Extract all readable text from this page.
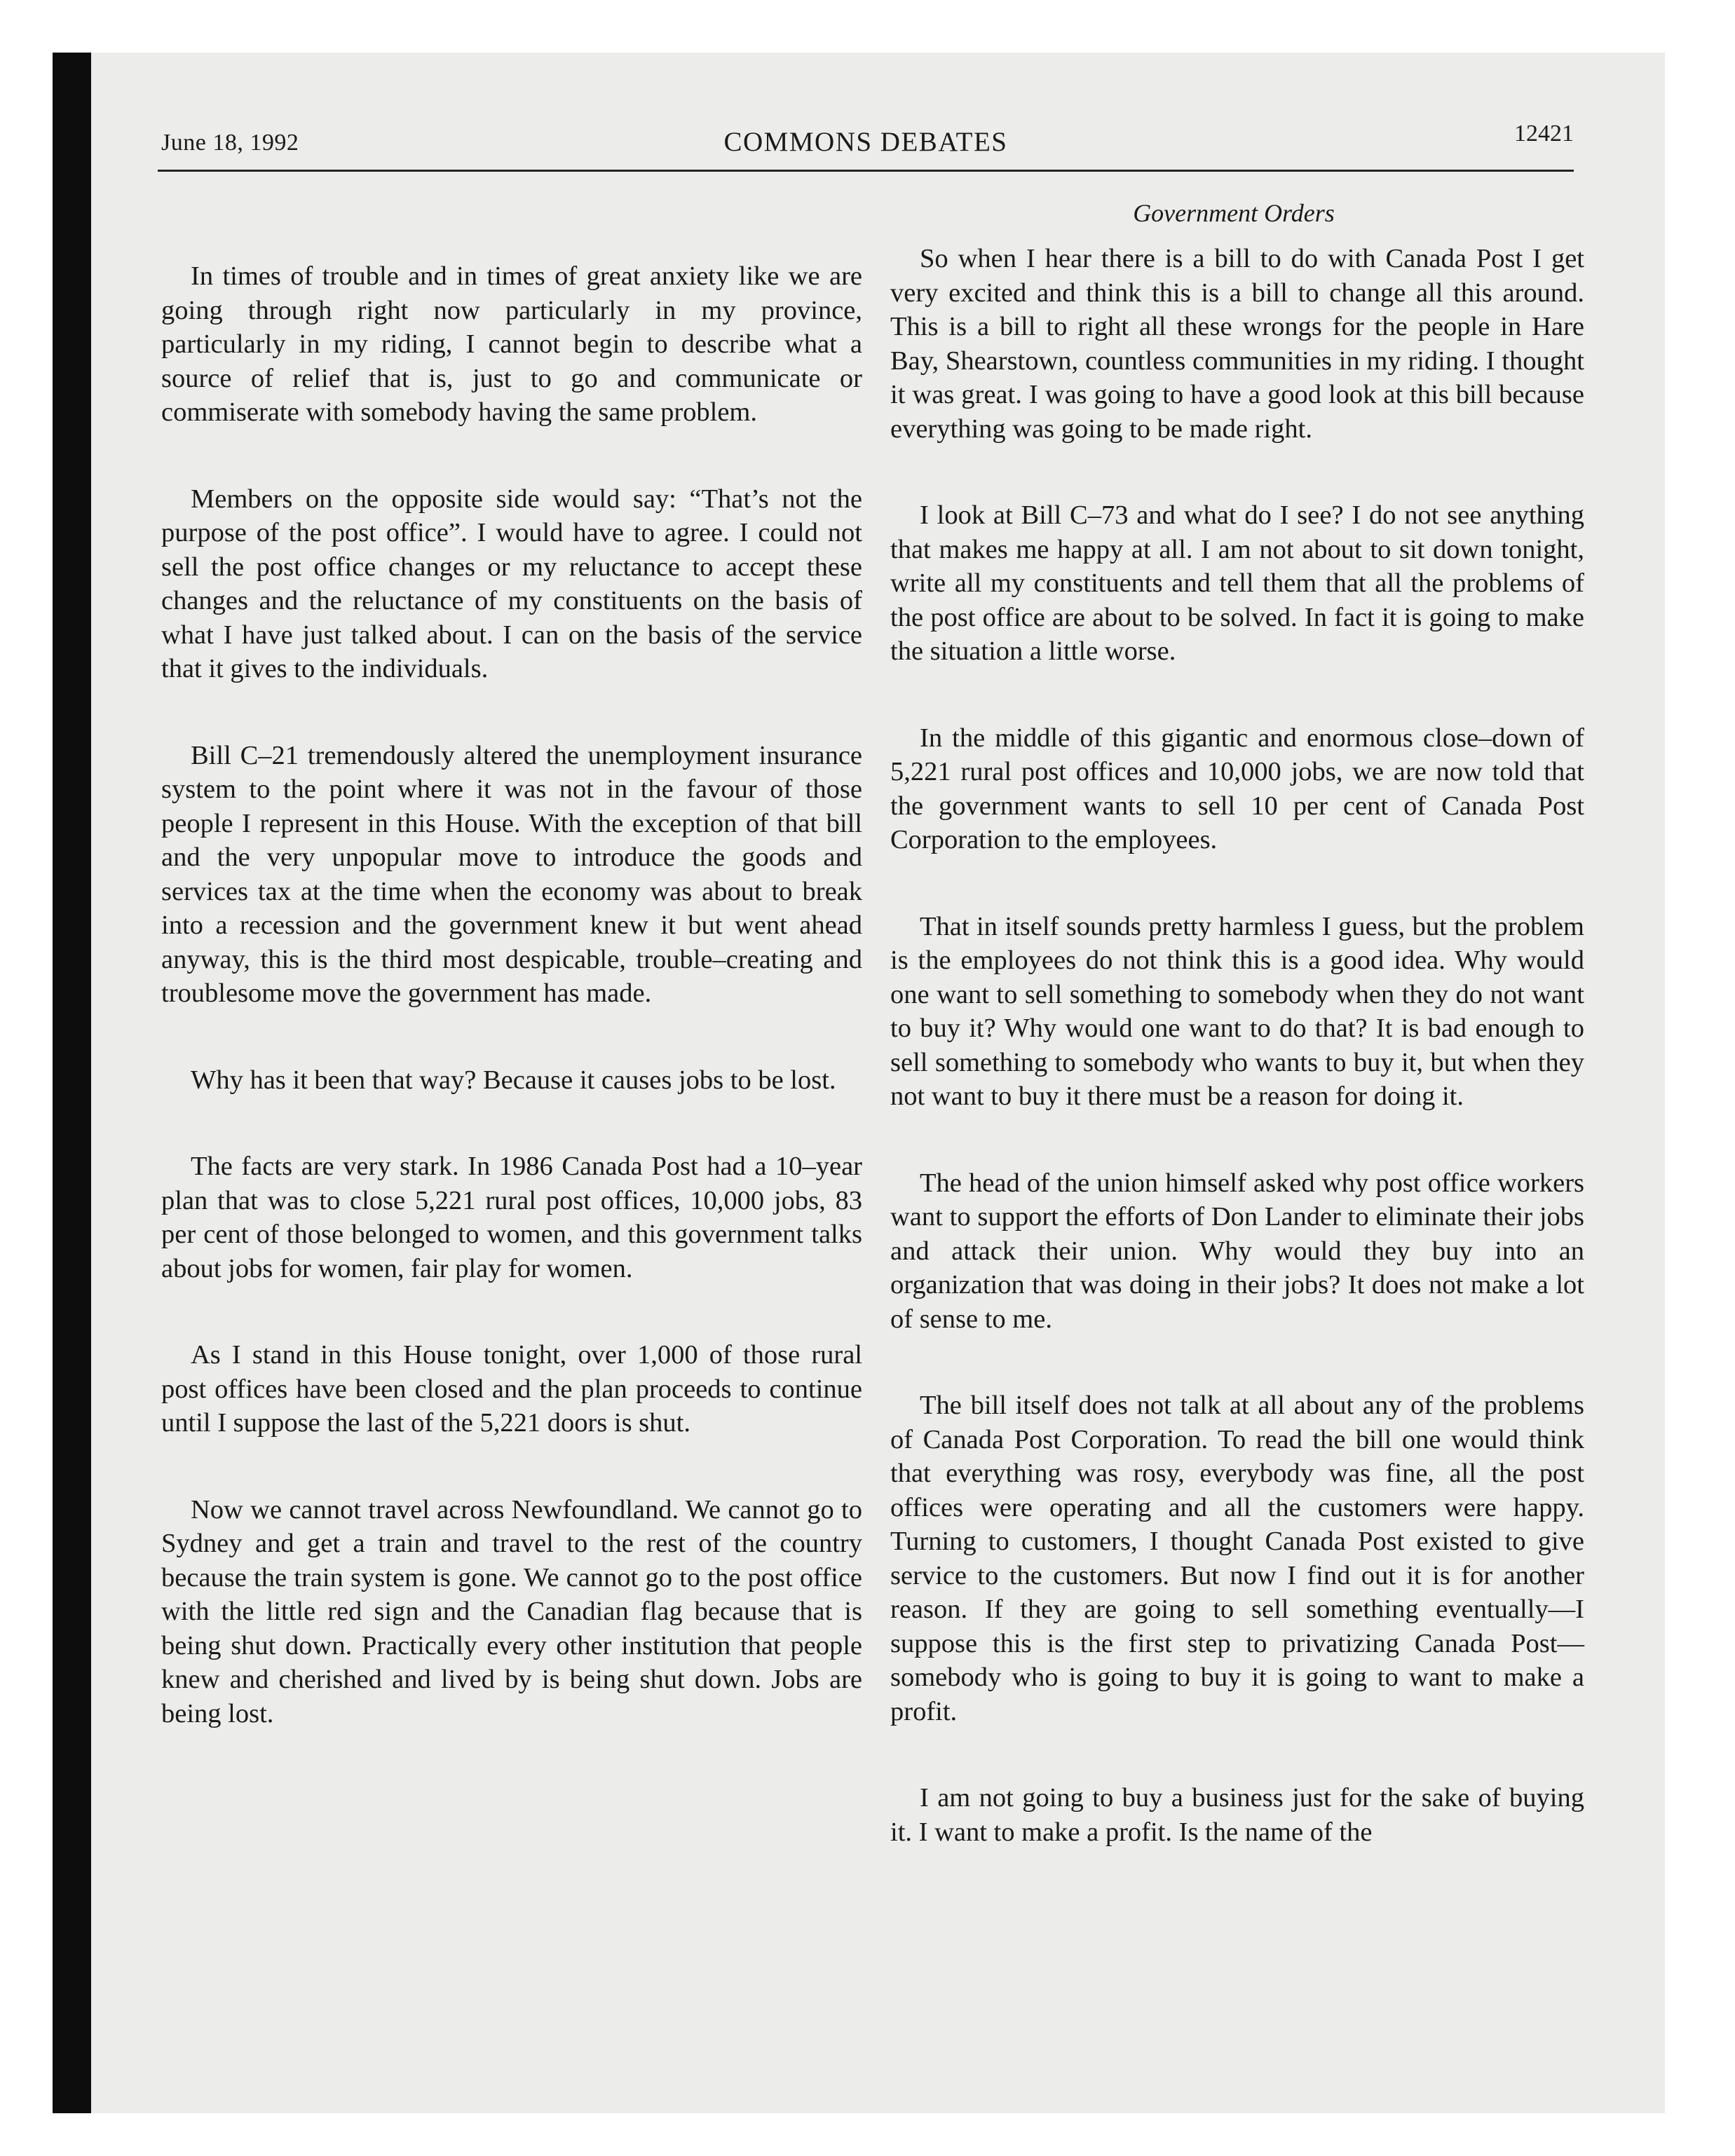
June 18, 1992	COMMONS DEBATES	12421
Government Orders

In times of trouble and in times of great anxiety like we are going through right now particularly in my province, particularly in my riding, I cannot begin to describe what a source of relief that is, just to go and communicate or commiserate with somebody having the same problem.

Members on the opposite side would say: “That’s not the purpose of the post office”. I would have to agree. I could not sell the post office changes or my reluctance to accept these changes and the reluctance of my constituents on the basis of what I have just talked about. I can on the basis of the service that it gives to the individuals.

Bill C–21 tremendously altered the unemployment insurance system to the point where it was not in the favour of those people I represent in this House. With the exception of that bill and the very unpopular move to introduce the goods and services tax at the time when the economy was about to break into a recession and the government knew it but went ahead anyway, this is the third most despicable, trouble–creating and troublesome move the government has made.

Why has it been that way? Because it causes jobs to be lost.

The facts are very stark. In 1986 Canada Post had a 10–year plan that was to close 5,221 rural post offices, 10,000 jobs, 83 per cent of those belonged to women, and this government talks about jobs for women, fair play for women.

As I stand in this House tonight, over 1,000 of those rural post offices have been closed and the plan proceeds to continue until I suppose the last of the 5,221 doors is shut.

Now we cannot travel across Newfoundland. We cannot go to Sydney and get a train and travel to the rest of the country because the train system is gone. We cannot go to the post office with the little red sign and the Canadian flag because that is being shut down. Practically every other institution that people knew and cherished and lived by is being shut down. Jobs are being lost.

So when I hear there is a bill to do with Canada Post I get very excited and think this is a bill to change all this around. This is a bill to right all these wrongs for the people in Hare Bay, Shearstown, countless communities in my riding. I thought it was great. I was going to have a good look at this bill because everything was going to be made right.

I look at Bill C–73 and what do I see? I do not see anything that makes me happy at all. I am not about to sit down tonight, write all my constituents and tell them that all the problems of the post office are about to be solved. In fact it is going to make the situation a little worse.

In the middle of this gigantic and enormous close–down of 5,221 rural post offices and 10,000 jobs, we are now told that the government wants to sell 10 per cent of Canada Post Corporation to the employees.

That in itself sounds pretty harmless I guess, but the problem is the employees do not think this is a good idea. Why would one want to sell something to somebody when they do not want to buy it? Why would one want to do that? It is bad enough to sell something to somebody who wants to buy it, but when they not want to buy it there must be a reason for doing it.

The head of the union himself asked why post office workers want to support the efforts of Don Lander to eliminate their jobs and attack their union. Why would they buy into an organization that was doing in their jobs? It does not make a lot of sense to me.

The bill itself does not talk at all about any of the problems of Canada Post Corporation. To read the bill one would think that everything was rosy, everybody was fine, all the post offices were operating and all the customers were happy. Turning to customers, I thought Canada Post existed to give service to the customers. But now I find out it is for another reason. If they are going to sell something eventually—I suppose this is the first step to privatizing Canada Post—somebody who is going to buy it is going to want to make a profit.

I am not going to buy a business just for the sake of buying it. I want to make a profit. Is the name of the
